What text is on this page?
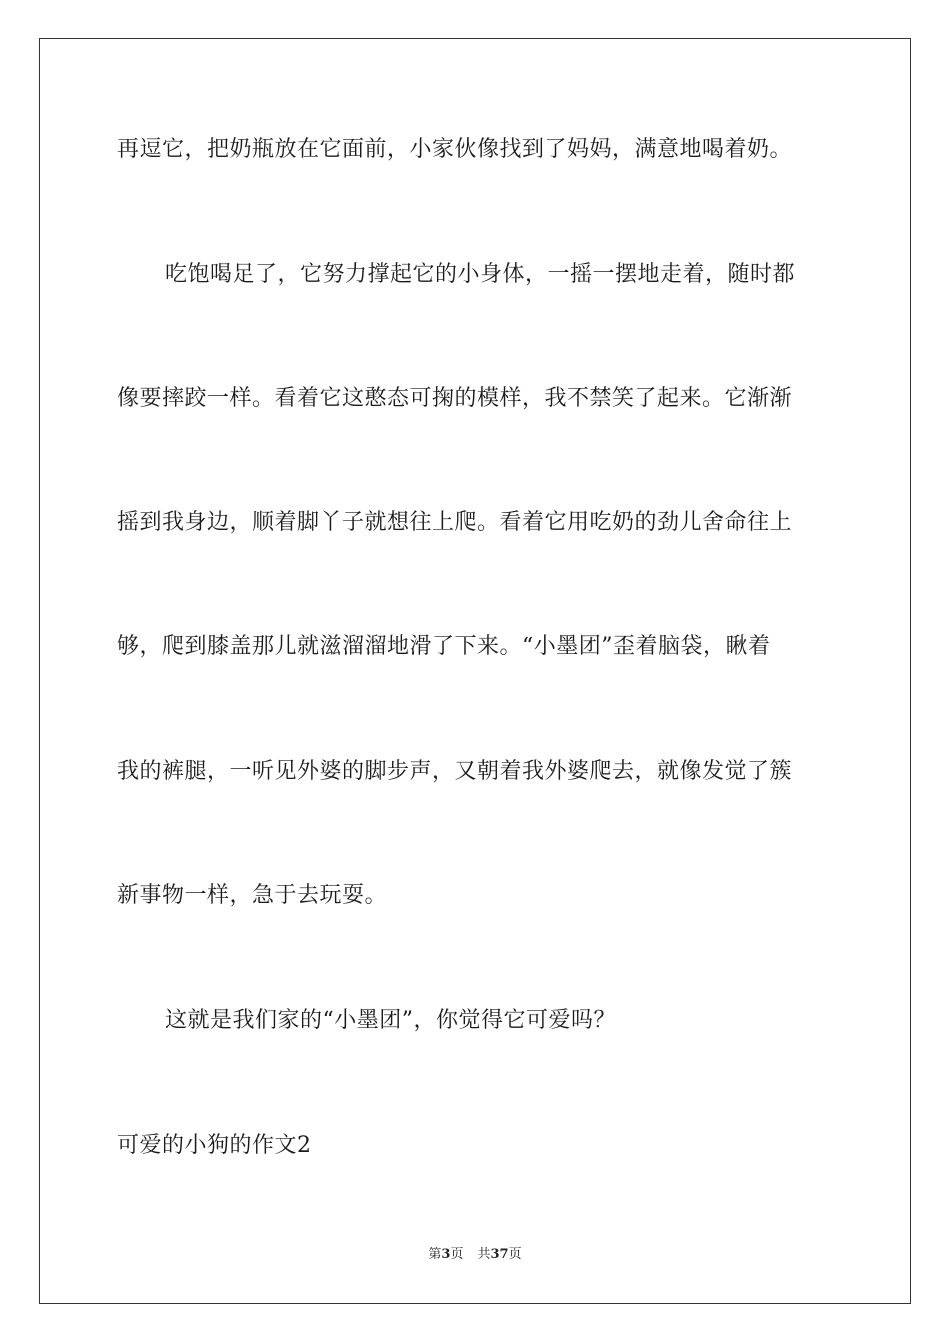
再逗它，把奶瓶放在它面前，小家伙像找到了妈妈，满意地喝着奶。
吃饱喝足了，它努力撑起它的小身体，一摇一摆地走着，随时都
像要摔跤一样。看着它这憨态可掬的模样，我不禁笑了起来。它渐渐
摇到我身边，顺着脚丫子就想往上爬。看着它用吃奶的劲儿舍命往上
够，爬到膝盖那儿就滋溜溜地滑了下来。“小墨团”歪着脑袋，瞅着
我的裤腿，一听见外婆的脚步声，又朝着我外婆爬去，就像发觉了簇
新事物一样，急于去玩耍。
这就是我们家的“小墨团”，你觉得它可爱吗？
可爱的小狗的作文2
第3页 共37页
